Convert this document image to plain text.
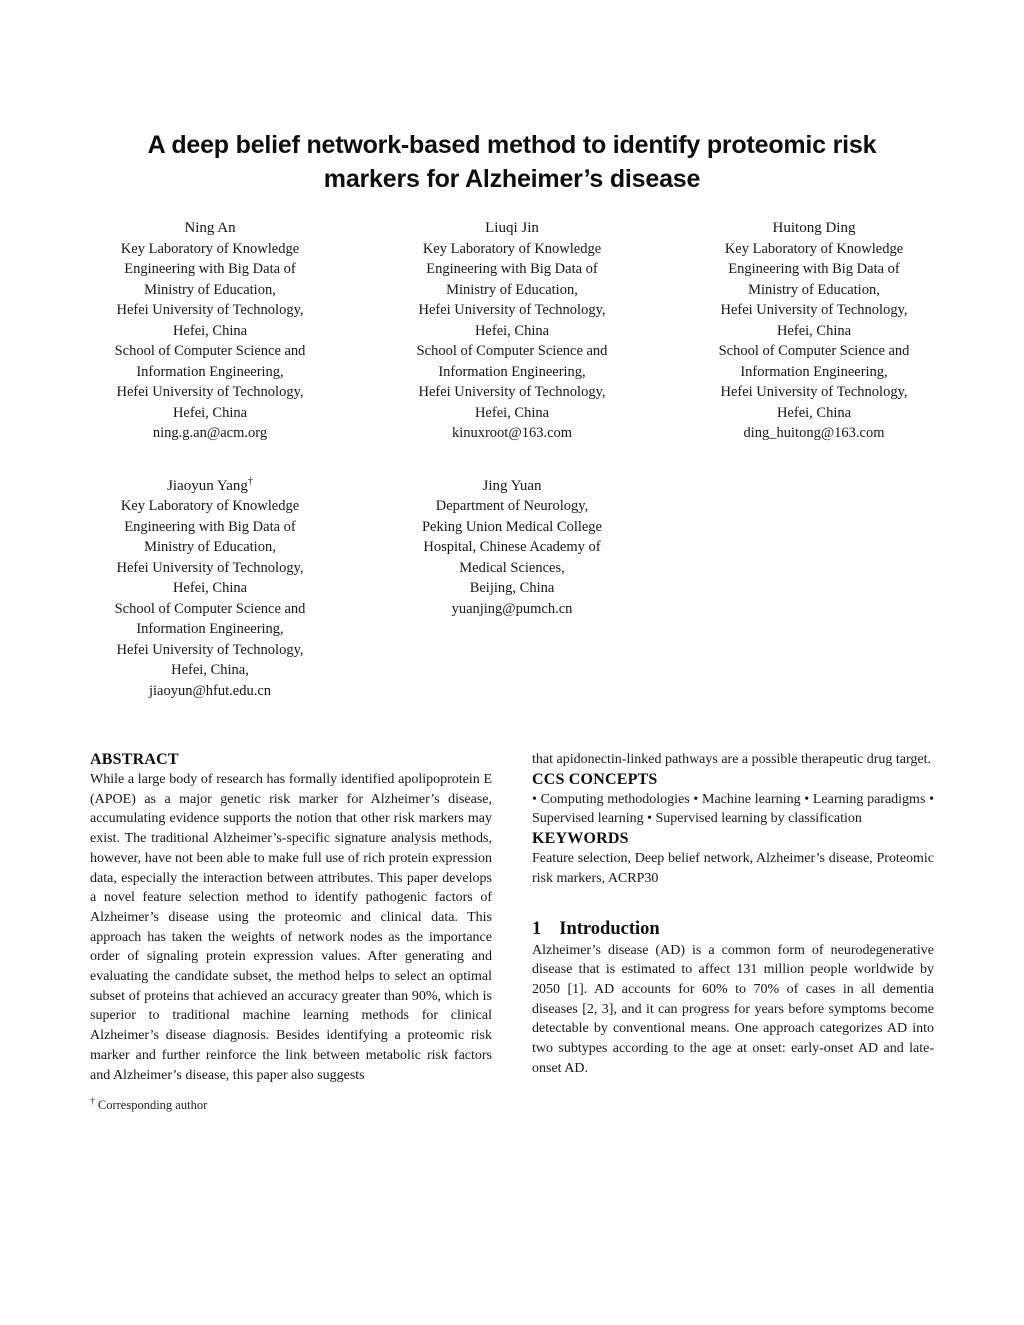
A deep belief network-based method to identify proteomic risk markers for Alzheimer’s disease
Ning An
Key Laboratory of Knowledge
Engineering with Big Data of
Ministry of Education,
Hefei University of Technology,
Hefei, China
School of Computer Science and
Information Engineering,
Hefei University of Technology,
Hefei, China
ning.g.an@acm.org
Liuqi Jin
Key Laboratory of Knowledge
Engineering with Big Data of
Ministry of Education,
Hefei University of Technology,
Hefei, China
School of Computer Science and
Information Engineering,
Hefei University of Technology,
Hefei, China
kinuxroot@163.com
Huitong Ding
Key Laboratory of Knowledge
Engineering with Big Data of
Ministry of Education,
Hefei University of Technology,
Hefei, China
School of Computer Science and
Information Engineering,
Hefei University of Technology,
Hefei, China
ding_huitong@163.com
Jiaoyun Yang†
Key Laboratory of Knowledge
Engineering with Big Data of
Ministry of Education,
Hefei University of Technology,
Hefei, China
School of Computer Science and
Information Engineering,
Hefei University of Technology,
Hefei, China,
jiaoyun@hfut.edu.cn
Jing Yuan
Department of Neurology,
Peking Union Medical College
Hospital, Chinese Academy of
Medical Sciences,
Beijing, China
yuanjing@pumch.cn
ABSTRACT

While a large body of research has formally identified apolipoprotein E (APOE) as a major genetic risk marker for Alzheimer’s disease, accumulating evidence supports the notion that other risk markers may exist. The traditional Alzheimer’s-specific signature analysis methods, however, have not been able to make full use of rich protein expression data, especially the interaction between attributes. This paper develops a novel feature selection method to identify pathogenic factors of Alzheimer’s disease using the proteomic and clinical data. This approach has taken the weights of network nodes as the importance order of signaling protein expression values. After generating and evaluating the candidate subset, the method helps to select an optimal subset of proteins that achieved an accuracy greater than 90%, which is superior to traditional machine learning methods for clinical Alzheimer’s disease diagnosis. Besides identifying a proteomic risk marker and further reinforce the link between metabolic risk factors and Alzheimer’s disease, this paper also suggests

† Corresponding author

that apidonectin-linked pathways are a possible therapeutic drug target.

CCS CONCEPTS

• Computing methodologies • Machine learning • Learning paradigms • Supervised learning • Supervised learning by classification

KEYWORDS

Feature selection, Deep belief network, Alzheimer’s disease, Proteomic risk markers, ACRP30

1 Introduction

Alzheimer’s disease (AD) is a common form of neurodegenerative disease that is estimated to affect 131 million people worldwide by 2050 [1]. AD accounts for 60% to 70% of cases in all dementia diseases [2, 3], and it can progress for years before symptoms become detectable by conventional means. One approach categorizes AD into two subtypes according to the age at onset: early-onset AD and late-onset AD.
